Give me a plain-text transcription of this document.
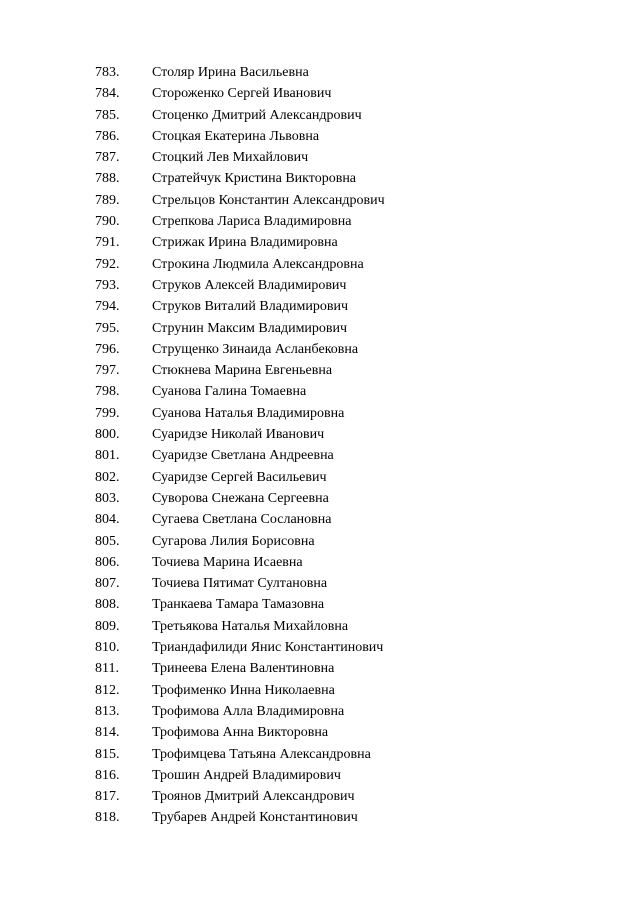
783. Столяр Ирина Васильевна
784. Стороженко Сергей Иванович
785. Стоценко Дмитрий Александрович
786. Стоцкая Екатерина Львовна
787. Стоцкий Лев Михайлович
788. Стратейчук Кристина Викторовна
789. Стрельцов Константин Александрович
790. Стрепкова Лариса Владимировна
791. Стрижак Ирина Владимировна
792. Строкина Людмила Александровна
793. Струков Алексей Владимирович
794. Струков Виталий Владимирович
795. Струнин Максим Владимирович
796. Струщенко Зинаида Асланбековна
797. Стюкнева Марина Евгеньевна
798. Суанова Галина Томаевна
799. Суанова Наталья Владимировна
800. Суаридзе Николай Иванович
801. Суаридзе Светлана Андреевна
802. Суаридзе Сергей Васильевич
803. Суворова Снежана Сергеевна
804. Сугаева Светлана Сослановна
805. Сугарова Лилия Борисовна
806. Точиева Марина Исаевна
807. Точиева Пятимат Султановна
808. Транкаева Тамара Тамазовна
809. Третьякова Наталья Михайловна
810. Триандафилиди Янис Константинович
811. Тринеева Елена Валентиновна
812. Трофименко Инна Николаевна
813. Трофимова Алла Владимировна
814. Трофимова Анна Викторовна
815. Трофимцева Татьяна Александровна
816. Трошин Андрей Владимирович
817. Троянов Дмитрий Александрович
818. Трубарев Андрей Константинович
